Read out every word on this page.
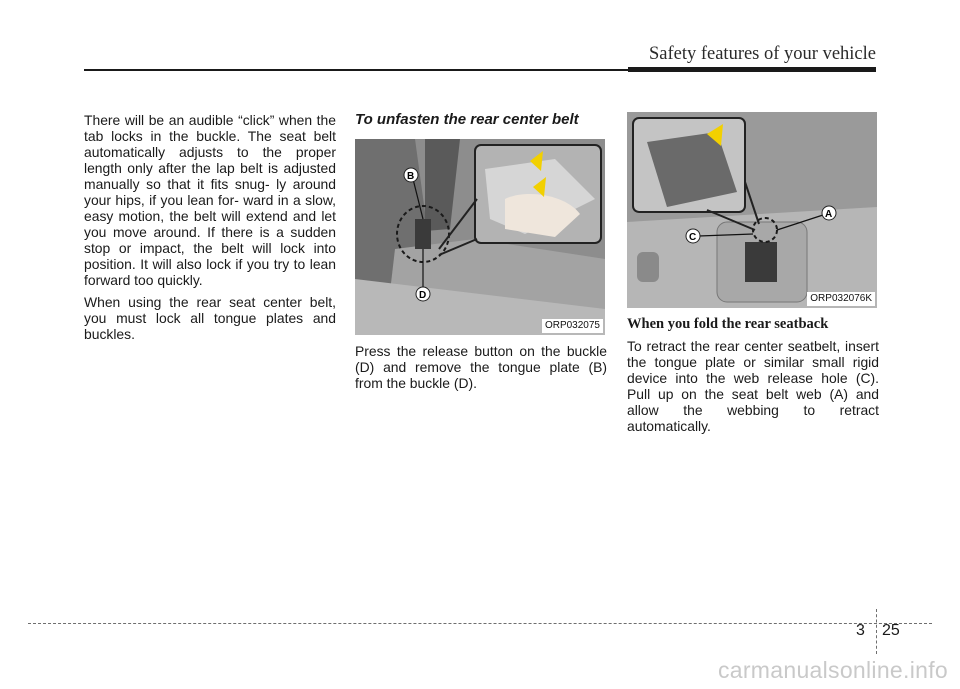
Safety features of your vehicle

There will be an audible “click” when the tab locks in the buckle. The seat belt automatically adjusts to the proper length only after the lap belt is adjusted manually so that it fits snug- ly around your hips, if you lean for- ward in a slow, easy motion, the belt will extend and let you move around. If there is a sudden stop or impact, the belt will lock into position. It will also lock if you try to lean forward too quickly.

When using the rear seat center belt, you must lock all tongue plates and buckles.

To unfasten the rear center belt
B
D
ORP032075

Press the release button on the buckle (D) and remove the tongue plate (B) from the buckle (D).

A
C
ORP032076K
When you fold the rear seatback

To retract the rear center seatbelt, insert the tongue plate or similar small rigid device into the web release hole (C). Pull up on the seat belt web (A) and allow the webbing to retract automatically.

3 25
carmanualsonline.info
